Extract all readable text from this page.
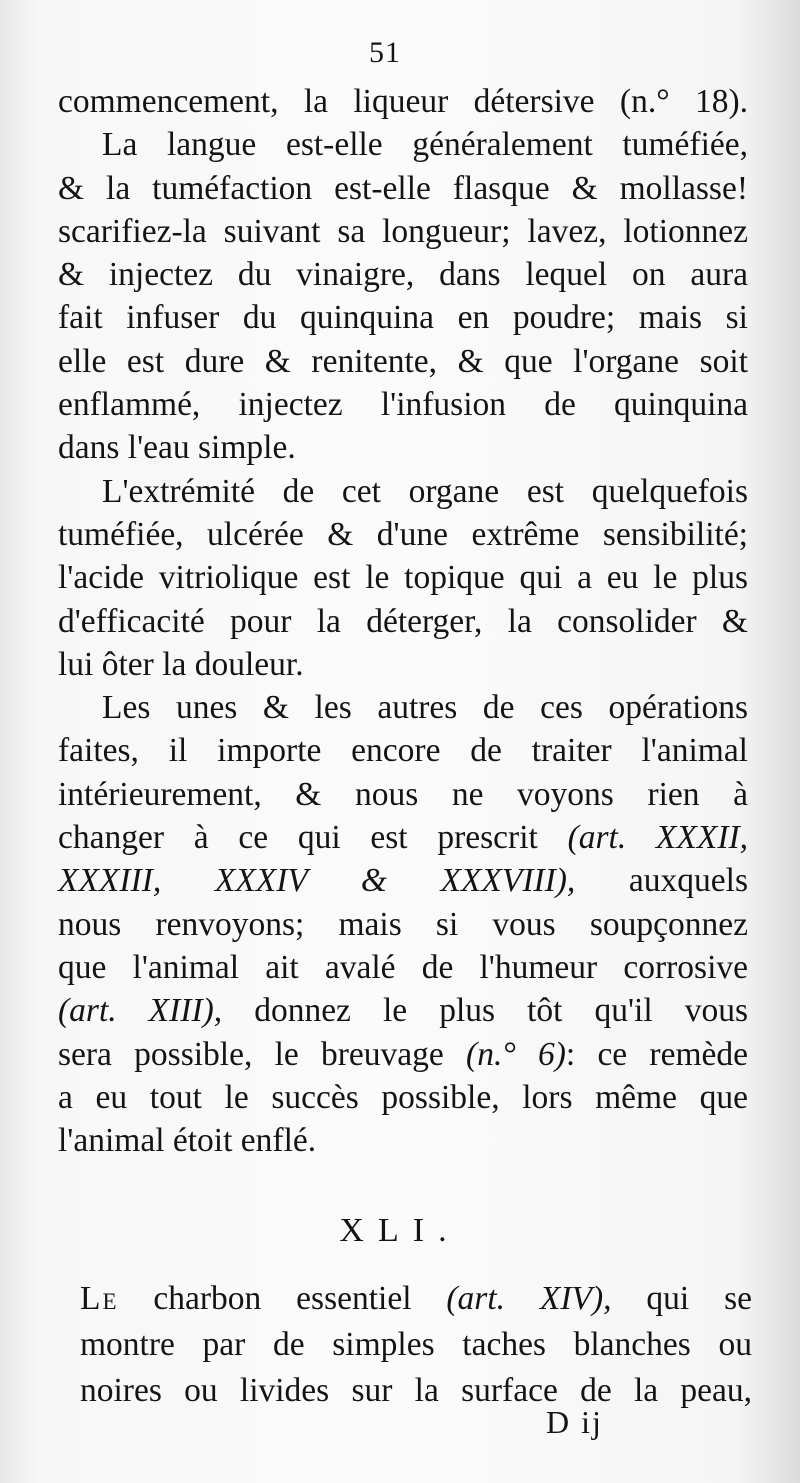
51
commencement, la liqueur détersive (n.° 18).
La langue est-elle généralement tuméfiée,
& la tuméfaction est-elle flasque & mollasse!
scarifiez-la suivant sa longueur; lavez, lotionnez
& injectez du vinaigre, dans lequel on aura
fait infuser du quinquina en poudre; mais si
elle est dure & renitente, & que l'organe soit
enflammé, injectez l'infusion de quinquina
dans l'eau simple.
L'extrémité de cet organe est quelquefois
tuméfiée, ulcérée & d'une extrême sensibilité;
l'acide vitriolique est le topique qui a eu le plus
d'efficacité pour la déterger, la consolider &
lui ôter la douleur.
Les unes & les autres de ces opérations
faites, il importe encore de traiter l'animal
intérieurement, & nous ne voyons rien à
changer à ce qui est prescrit (art. XXXII,
XXXIII, XXXIV & XXXVIII), auxquels
nous renvoyons; mais si vous soupçonnez
que l'animal ait avalé de l'humeur corrosive
(art. XIII), donnez le plus tôt qu'il vous
sera possible, le breuvage (n.° 6): ce remède
a eu tout le succès possible, lors même que
l'animal étoit enflé.
XLI.
Le charbon essentiel (art. XIV), qui se
montre par de simples taches blanches ou
noires ou livides sur la surface de la peau,
D ij
